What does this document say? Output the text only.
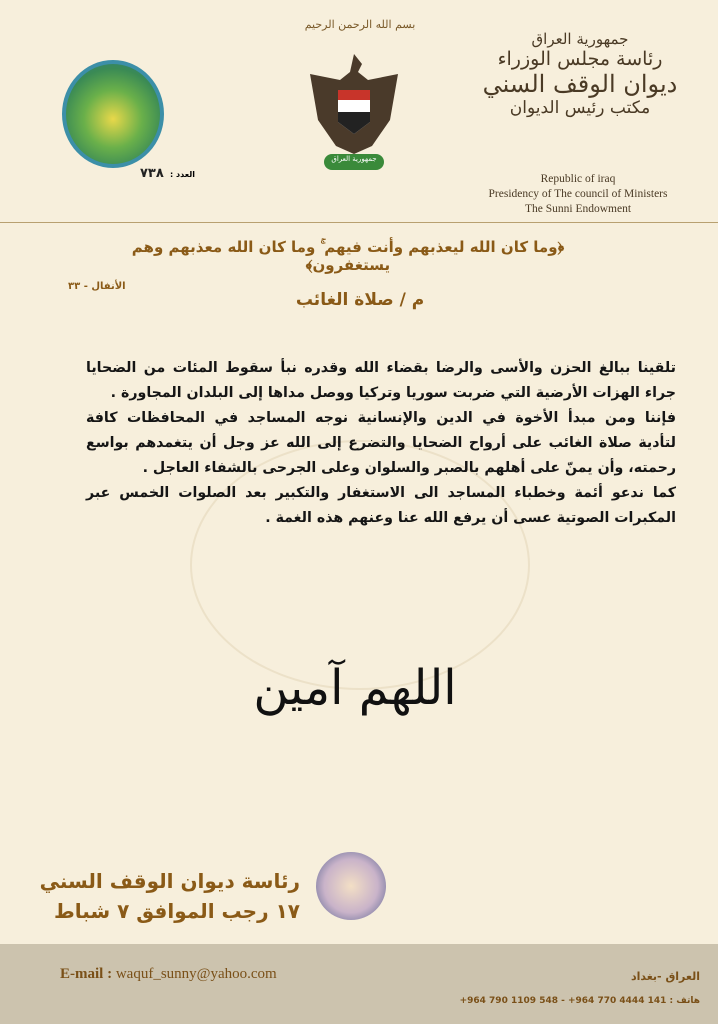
بسم الله الرحمن الرحيم
جمهورية العراق
العدد :
٧٣٨
جمهورية العراق
رئاسة مجلس الوزراء
ديوان الوقف السني
مكتب رئيس الديوان
Republic of iraq
Presidency of The council of Ministers
The Sunni Endowment
﴿وما كان الله ليعذبهم وأنت فيهم ۚ وما كان الله معذبهم وهم يستغفرون﴾
الأنفال - ٣٣
م / صلاة الغائب
تلقينا ببالغ الحزن والأسى والرضا بقضاء الله وقدره نبأ سقوط المئات من الضحايا
جراء الهزات الأرضية التي ضربت سوريا وتركيا ووصل مداها إلى البلدان المجاورة .
فإننا ومن مبدأ الأخوة في الدين والإنسانية نوجه المساجد في المحافظات كافة
لتأدية صلاة الغائب على أرواح الضحايا والتضرع إلى الله عز وجل أن يتغمدهم بواسع
رحمته، وأن يمنّ على أهلهم بالصبر والسلوان وعلى الجرحى بالشفاء العاجل .
كما ندعو أئمة وخطباء المساجد الى الاستغفار والتكبير بعد الصلوات الخمس عبر
المكبرات الصوتية عسى أن يرفع الله عنا وعنهم هذه الغمة .
اللهم آمين
رئاسة ديوان الوقف السني
١٧ رجب الموافق ٧ شباط
E-mail : waquf_sunny@yahoo.com	العراق -بغداد
هاتف : 141 4444 770 964+ - 548 1109 790 964+
